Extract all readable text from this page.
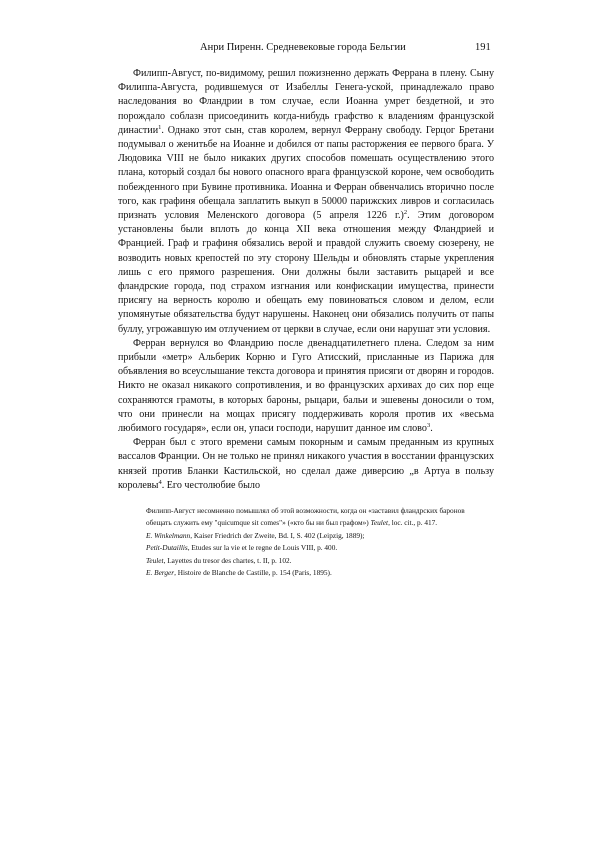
Анри Пиренн. Средневековые города Бельгии	191

Филипп-Август, по-видимому, решил пожизненно держать Феррана в плену. Сыну Филиппа-Августа, родившемуся от Изабеллы Генега-уской, принадлежало право наследования во Фландрии в том случае, если Иоанна умрет бездетной, и это порождало соблазн присоединить когда-нибудь графство к владениям французской династии$^1$. Однако этот сын, став королем, вернул Феррану свободу. Герцог Бретани подумывал о женитьбе на Иоанне и добился от папы расторжения ее первого брага. У Людовика VIII не было никаких других способов помешать осуществлению этого плана, который создал бы нового опасного врага французской короне, чем освободить побежденного при Бувине противника. Иоанна и Ферран обвенчались вторично после того, как графиня обещала заплатить выкуп в 50000 парижских ливров и согласилась признать условия Меленского договора (5 апреля 1226 г.)$^2$. Этим договором установлены были вплоть до конца XII века отношения между Фландрией и Францией. Граф и графиня обязались верой и правдой служить своему сюзерену, не возводить новых крепостей по эту сторону Шельды и обновлять старые укрепления лишь с его прямого разрешения. Они должны были заставить рыцарей и все фландрские города, под страхом изгнания или конфискации имущества, принести присягу на верность королю и обещать ему повиноваться словом и делом, если упомянутые обязательства будут нарушены. Наконец они обязались получить от папы буллу, угрожавшую им отлучением от церкви в случае, если они нарушат эти условия.

Ферран вернулся во Фландрию после двенадцатилетнего плена. Следом за ним прибыли «метр» Альберик Корню и Гуго Атисский, присланные из Парижа для объявления во всеуслышание текста договора и принятия присяги от дворян и городов. Никто не оказал никакого сопротивления, и во французских архивах до сих пор еще сохраняются грамоты, в которых бароны, рыцари, бальи и эшевены доносили о том, что они принесли на мощах присягу поддерживать короля против их «весьма любимого государя», если он, упаси господи, нарушит данное им слово$^3$.

Ферран был с этого времени самым покорным и самым преданным из крупных вассалов Франции. Он не только не принял никакого участия в восстании французских князей против Бланки Кастильской, но сделал даже диверсию „в Артуа в пользу королевы$^4$. Его честолюбие было

Филипп-Август несомненно помышлял об этой возможности, когда он «заставил фландрских баронов обещать служить ему "quicumque sit comes"» («кто бы ни был графом») Teulet, loc. cit., p. 417.
E. Winkelmann, Kaiser Friedrich der Zweite, Bd. I, S. 402 (Leipzig, 1889);
Petit-Dutaillis, Etudes sur la vie et le regne de Louis VIII, p. 400.
Teulet, Layettes du tresor des chartes, t. II, p. 102.
E. Berger, Histoire de Blanche de Castille, p. 154 (Paris, 1895).
